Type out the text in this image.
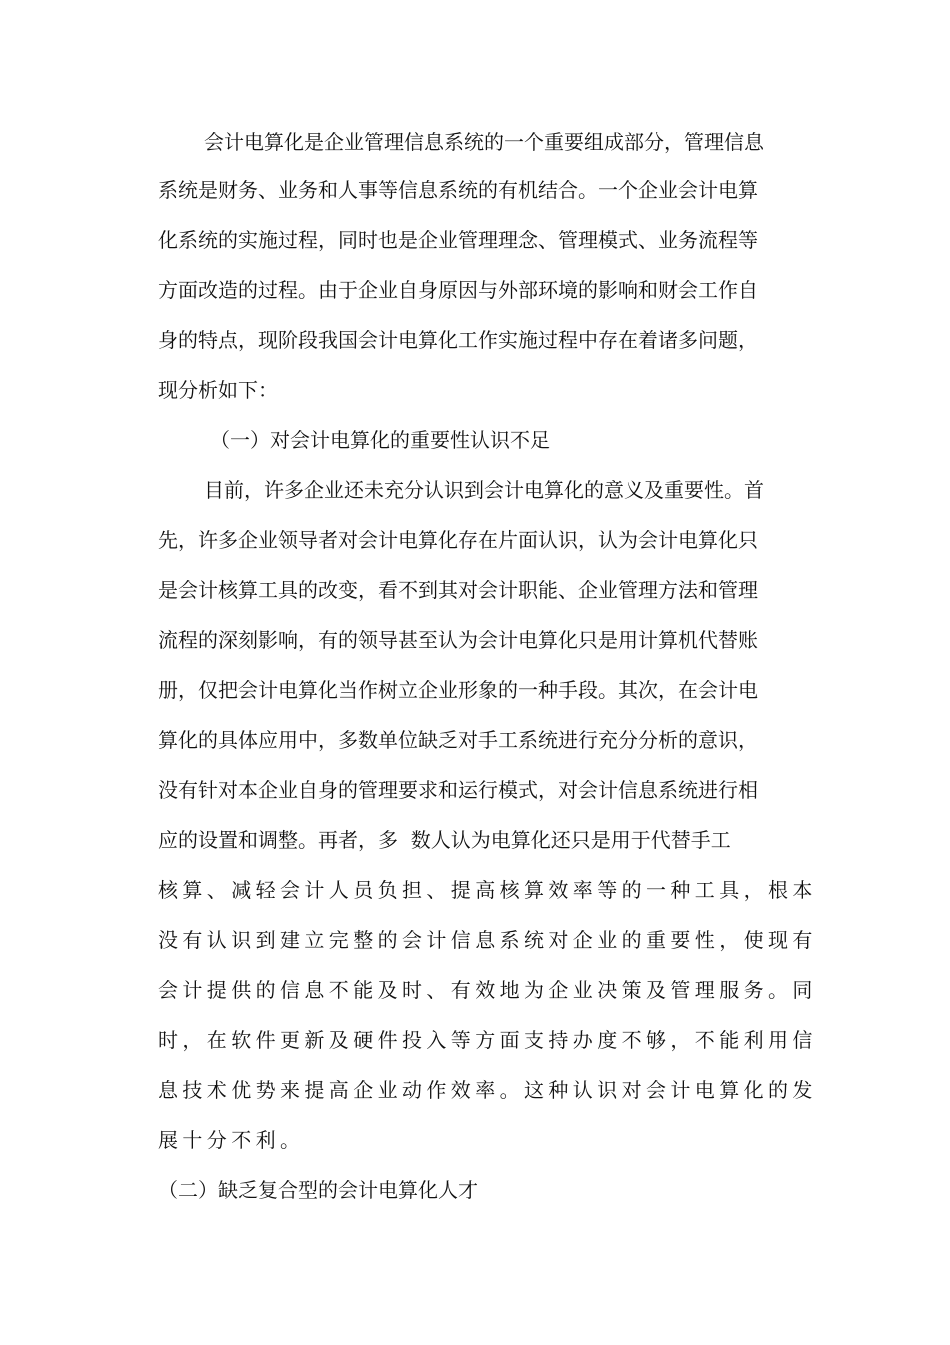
会计电算化是企业管理信息系统的一个重要组成部分，管理信息

系统是财务、业务和人事等信息系统的有机结合。一个企业会计电算

化系统的实施过程，同时也是企业管理理念、管理模式、业务流程等

方面改造的过程。由于企业自身原因与外部环境的影响和财会工作自

身的特点，现阶段我国会计电算化工作实施过程中存在着诸多问题，

现分析如下：

（一）对会计电算化的重要性认识不足

目前，许多企业还未充分认识到会计电算化的意义及重要性。首

先，许多企业领导者对会计电算化存在片面认识，认为会计电算化只

是会计核算工具的改变，看不到其对会计职能、企业管理方法和管理

流程的深刻影响，有的领导甚至认为会计电算化只是用计算机代替账

册，仅把会计电算化当作树立企业形象的一种手段。其次，在会计电

算化的具体应用中，多数单位缺乏对手工系统进行充分分析的意识，

没有针对本企业自身的管理要求和运行模式，对会计信息系统进行相

应的设置和调整。再者，多  数人认为电算化还只是用于代替手工

核算、减轻会计人员负担、提高核算效率等的一种工具，根本

没有认识到建立完整的会计信息系统对企业的重要性，使现有

会计提供的信息不能及时、有效地为企业决策及管理服务。同

时，在软件更新及硬件投入等方面支持办度不够，不能利用信

息技术优势来提高企业动作效率。这种认识对会计电算化的发

展十分不利。

（二）缺乏复合型的会计电算化人才
